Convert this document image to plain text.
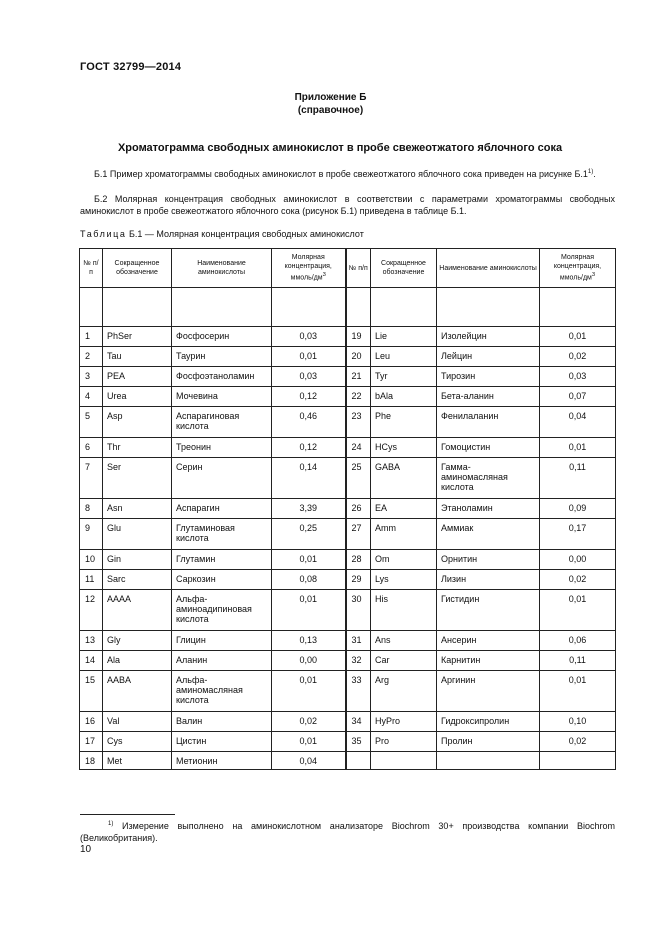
ГОСТ 32799—2014
Приложение Б
(справочное)
Хроматограмма свободных аминокислот в пробе свежеотжатого яблочного сока
Б.1 Пример хроматограммы свободных аминокислот в пробе свежеотжатого яблочного сока приведен на рисунке Б.1$^{1)}$.
Б.2 Молярная концентрация свободных аминокислот в соответствии с параметрами хроматограммы свободных аминокислот в пробе свежеотжатого яблочного сока (рисунок Б.1) приведена в таблице Б.1.
Таблица Б.1 — Молярная концентрация свободных аминокислот
№ п/п	Сокращенное обозначение	Наименование аминокислоты	Молярная концентрация, ммоль/$дм^3$	№ п/п	Сокращенное обозначение	Наименование аминокислоты	Молярная концентрация, ммоль/$дм^3$

1	PhSer	Фосфосерин	0,03	19	Lie	Изолейцин	0,01
2	Tau	Таурин	0,01	20	Leu	Лейцин	0,02
3	PEA	Фосфоэтаноламин	0,03	21	Tyr	Тирозин	0,03
4	Urea	Мочевина	0,12	22	bAla	Бета-аланин	0,07
5	Asp	Аспарагиновая кислота	0,46	23	Phe	Фенилаланин	0,04
6	Thr	Треонин	0,12	24	HCys	Гомоцистин	0,01
7	Ser	Серин	0,14	25	GABA	Гамма-аминомасляная кислота	0,11
8	Asn	Аспарагин	3,39	26	EA	Этаноламин	0,09
9	Glu	Глутаминовая кислота	0,25	27	Amm	Аммиак	0,17
10	Gin	Глутамин	0,01	28	Om	Орнитин	0,00
11	Sarc	Саркозин	0,08	29	Lys	Лизин	0,02
12	АААА	Альфа-аминоадипиновая кислота	0,01	30	His	Гистидин	0,01
13	Gly	Глицин	0,13	31	Ans	Ансерин	0,06
14	Ala	Аланин	0,00	32	Car	Карнитин	0,11
15	AABA	Альфа-аминомасляная кислота	0,01	33	Arg	Аргинин	0,01
16	Val	Валин	0,02	34	HyPro	Гидроксипролин	0,10
17	Cys	Цистин	0,01	35	Pro	Пролин	0,02
18	Met	Метионин	0,04				
$^{1)}$ Измерение выполнено на аминокислотном анализаторе Biochrom 30+ производства компании Biochrom (Великобритания).
10
